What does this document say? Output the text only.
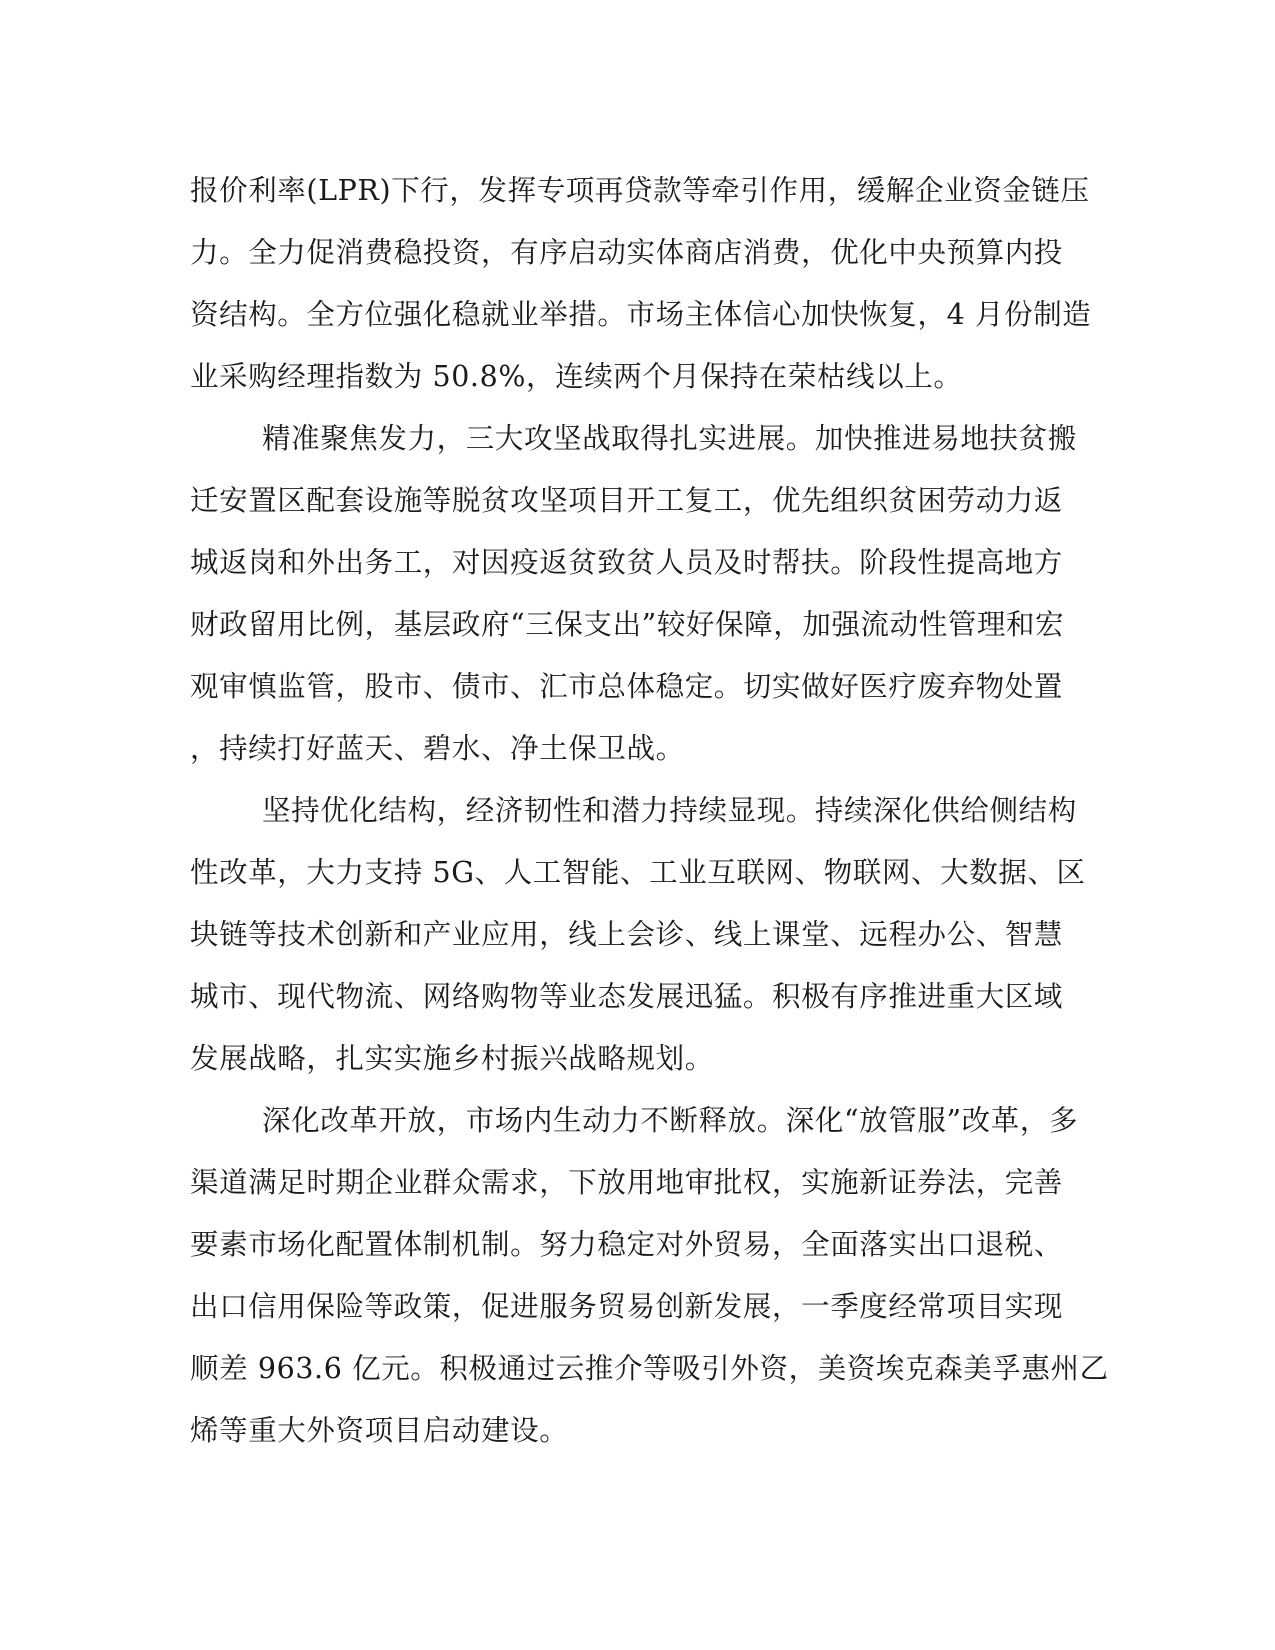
报价利率(LPR)下行，发挥专项再贷款等牵引作用，缓解企业资金链压
力。全力促消费稳投资，有序启动实体商店消费，优化中央预算内投
资结构。全方位强化稳就业举措。市场主体信心加快恢复，4 月份制造
业采购经理指数为 50.8%，连续两个月保持在荣枯线以上。
精准聚焦发力，三大攻坚战取得扎实进展。加快推进易地扶贫搬
迁安置区配套设施等脱贫攻坚项目开工复工，优先组织贫困劳动力返
城返岗和外出务工，对因疫返贫致贫人员及时帮扶。阶段性提高地方
财政留用比例，基层政府“三保支出”较好保障，加强流动性管理和宏
观审慎监管，股市、债市、汇市总体稳定。切实做好医疗废弃物处置
，持续打好蓝天、碧水、净土保卫战。
坚持优化结构，经济韧性和潜力持续显现。持续深化供给侧结构
性改革，大力支持 5G、人工智能、工业互联网、物联网、大数据、区
块链等技术创新和产业应用，线上会诊、线上课堂、远程办公、智慧
城市、现代物流、网络购物等业态发展迅猛。积极有序推进重大区域
发展战略，扎实实施乡村振兴战略规划。
深化改革开放，市场内生动力不断释放。深化“放管服”改革，多
渠道满足时期企业群众需求，下放用地审批权，实施新证券法，完善
要素市场化配置体制机制。努力稳定对外贸易，全面落实出口退税、
出口信用保险等政策，促进服务贸易创新发展，一季度经常项目实现
顺差 963.6 亿元。积极通过云推介等吸引外资，美资埃克森美孚惠州乙
烯等重大外资项目启动建设。
